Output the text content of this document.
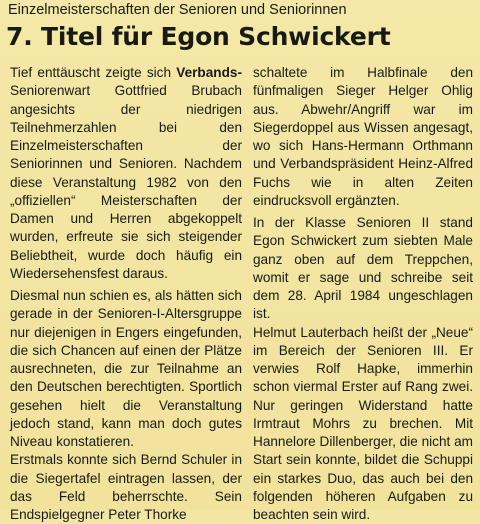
Einzelmeisterschaften der Senioren und Seniorinnen
7. Titel für Egon Schwickert

Tief enttäuscht zeigte sich Verbands-Seniorenwart Gottfried Brubach angesichts der niedrigen Teilnehmerzahlen bei den Einzelmeisterschaften der Seniorinnen und Senioren. Nachdem diese Veranstaltung 1982 von den „offiziellen“ Meisterschaften der Damen und Herren abgekoppelt wurden, erfreute sie sich steigender Beliebtheit, wurde doch häufig ein Wiedersehensfest daraus.

Diesmal nun schien es, als hätten sich gerade in der Senioren-I-Altersgruppe nur diejenigen in Engers eingefunden, die sich Chancen auf einen der Plätze ausrechneten, die zur Teilnahme an den Deutschen berechtigten. Sportlich gesehen hielt die Veranstaltung jedoch stand, kann man doch gutes Niveau konstatieren.

Erstmals konnte sich Bernd Schuler in die Siegertafel eintragen lassen, der das Feld beherrschte. Sein Endspielgegner Peter Thorke

schaltete im Halbfinale den fünfmaligen Sieger Helger Ohlig aus. Abwehr/Angriff war im Siegerdoppel aus Wissen angesagt, wo sich Hans-Hermann Orthmann und Verbandspräsident Heinz-Alfred Fuchs wie in alten Zeiten eindrucksvoll ergänzten.

In der Klasse Senioren II stand Egon Schwickert zum siebten Male ganz oben auf dem Treppchen, womit er sage und schreibe seit dem 28. April 1984 ungeschlagen ist.

Helmut Lauterbach heißt der „Neue“ im Bereich der Senioren III. Er verwies Rolf Hapke, immerhin schon viermal Erster auf Rang zwei. Nur geringen Widerstand hatte Irmtraut Mohrs zu brechen. Mit Hannelore Dillenberger, die nicht am Start sein konnte, bildet die Schuppi ein starkes Duo, das auch bei den folgenden höheren Aufgaben zu beachten sein wird.
